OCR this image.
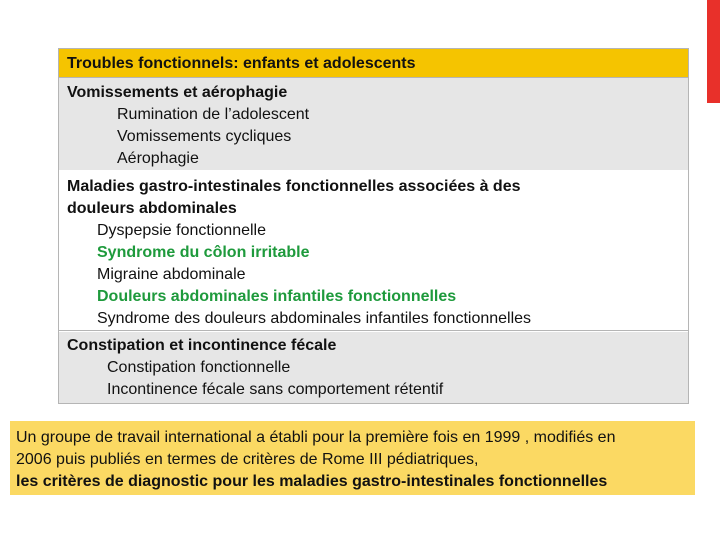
Troubles fonctionnels: enfants et adolescents
Vomissements et aérophagie
Rumination de l’adolescent
Vomissements cycliques
Aérophagie
Maladies gastro-intestinales fonctionnelles associées à des
douleurs abdominales
Dyspepsie fonctionnelle
Syndrome du côlon irritable
Migraine abdominale
Douleurs abdominales infantiles fonctionnelles
Syndrome des douleurs abdominales infantiles fonctionnelles
Constipation et incontinence fécale
Constipation fonctionnelle
Incontinence fécale sans comportement rétentif
Un groupe de travail international a établi pour la première fois en 1999 , modifiés en
2006 puis publiés en termes de critères de Rome III pédiatriques,
les critères de diagnostic pour les maladies gastro-intestinales fonctionnelles
